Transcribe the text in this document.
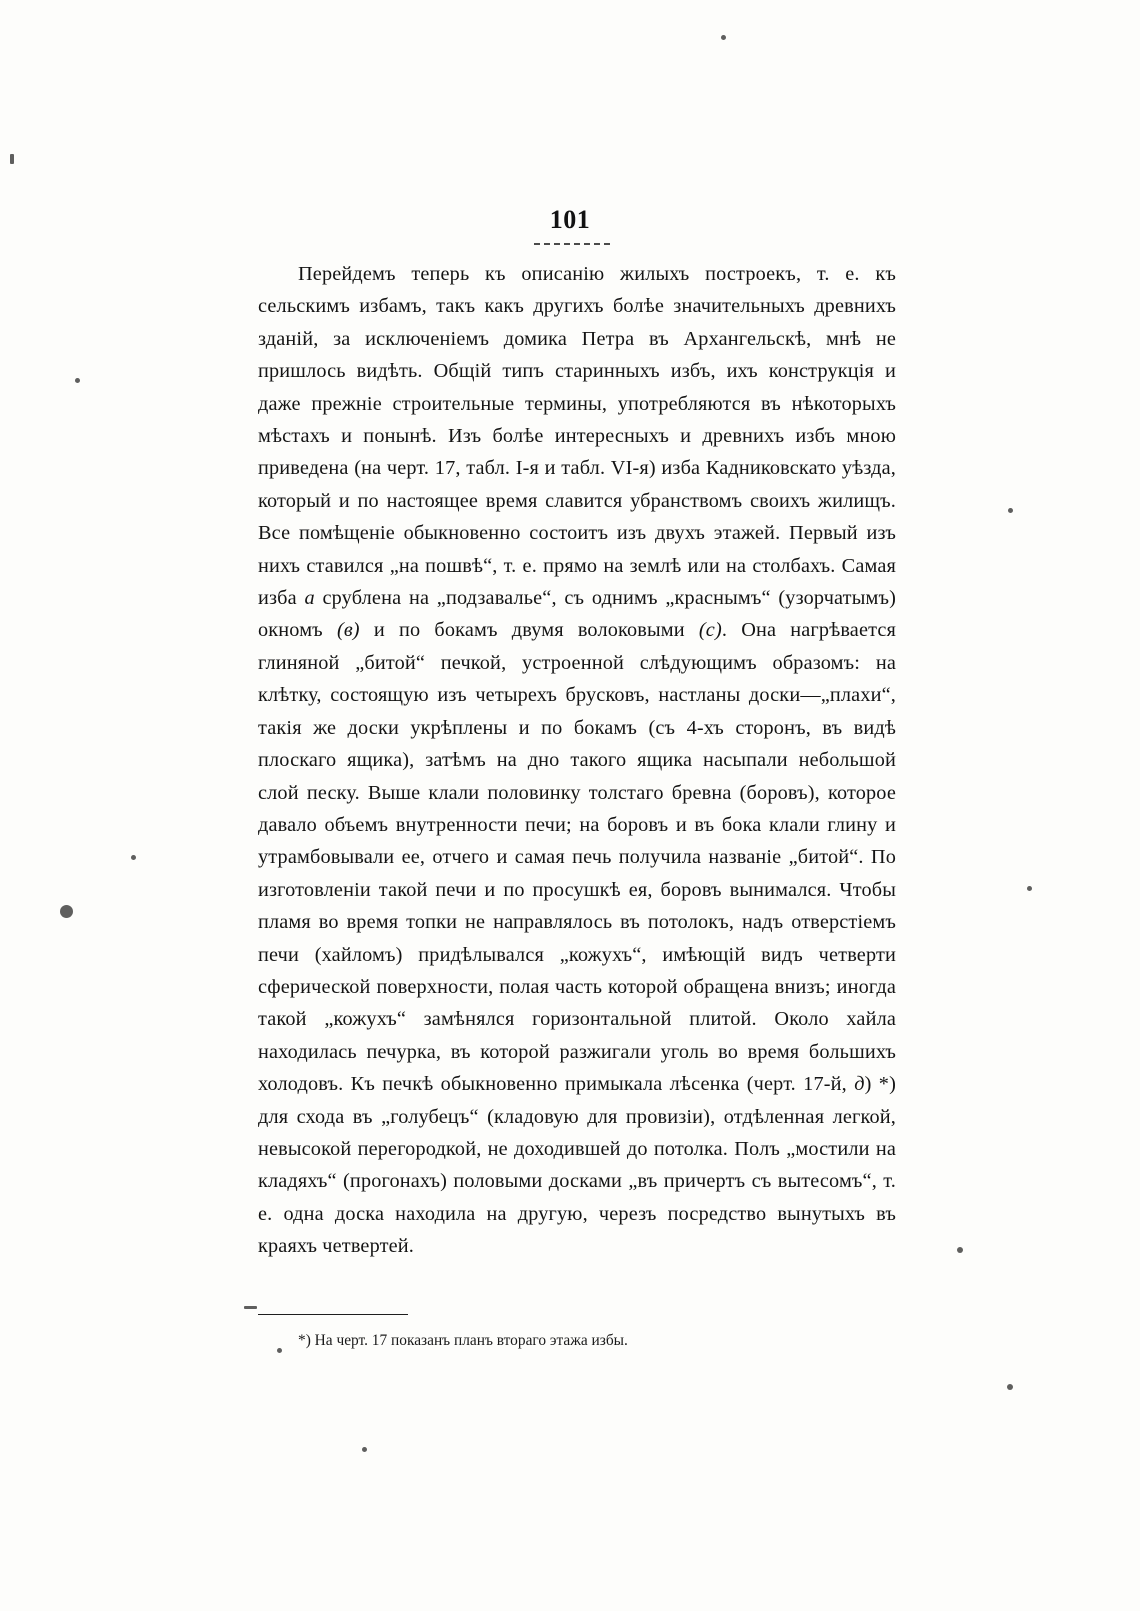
101

Перейдемъ теперь къ описанію жилыхъ построекъ, т. е. къ сельскимъ избамъ, такъ какъ другихъ болѣе значительныхъ древнихъ зданій, за исключеніемъ домика Петра въ Архангельскѣ, мнѣ не пришлось видѣть. Общій типъ старинныхъ избъ, ихъ конструкція и даже прежніе строительные термины, употребляются въ нѣкоторыхъ мѣстахъ и понынѣ. Изъ болѣе интересныхъ и древнихъ избъ мною приведена (на черт. 17, табл. I-я и табл. VI-я) изба Кадниковскато уѣзда, который и по настоящее время славится убранствомъ своихъ жилищъ. Все помѣщеніе обыкновенно состоитъ изъ двухъ этажей. Первый изъ нихъ ставился „на пошвѣ“, т. е. прямо на землѣ или на столбахъ. Самая изба a срублена на „подзавалье“, съ однимъ „краснымъ“ (узорчатымъ) окномъ (в) и по бокамъ двумя волоковыми (с). Она нагрѣвается глиняной „битой“ печкой, устроенной слѣдующимъ образомъ: на клѣтку, состоящую изъ четырехъ брусковъ, настланы доски—„плахи“, такія же доски укрѣплены и по бокамъ (съ 4-хъ сторонъ, въ видѣ плоскаго ящика), затѣмъ на дно такого ящика насыпали небольшой слой песку. Выше клали половинку толстаго бревна (боровъ), которое давало объемъ внутренности печи; на боровъ и въ бока клали глину и утрамбовывали ее, отчего и самая печь получила названіе „битой“. По изготовленіи такой печи и по просушкѣ ея, боровъ вынимался. Чтобы пламя во время топки не направлялось въ потолокъ, надъ отверстіемъ печи (хайломъ) придѣлывался „кожухъ“, имѣющій видъ четверти сферической поверхности, полая часть которой обращена внизъ; иногда такой „кожухъ“ замѣнялся горизонтальной плитой. Около хайла находилась печурка, въ которой разжигали уголь во время большихъ холодовъ. Къ печкѣ обыкновенно примыкала лѣсенка (черт. 17-й, д) *) для схода въ „голубецъ“ (кладовую для провизіи), отдѣленная легкой, невысокой перегородкой, не доходившей до потолка. Полъ „мостили на кладяхъ“ (прогонахъ) половыми досками „въ причертъ съ вытесомъ“, т. е. одна доска находила на другую, черезъ посредство вынутыхъ въ краяхъ четвертей.

*) На черт. 17 показанъ планъ втораго этажа избы.
